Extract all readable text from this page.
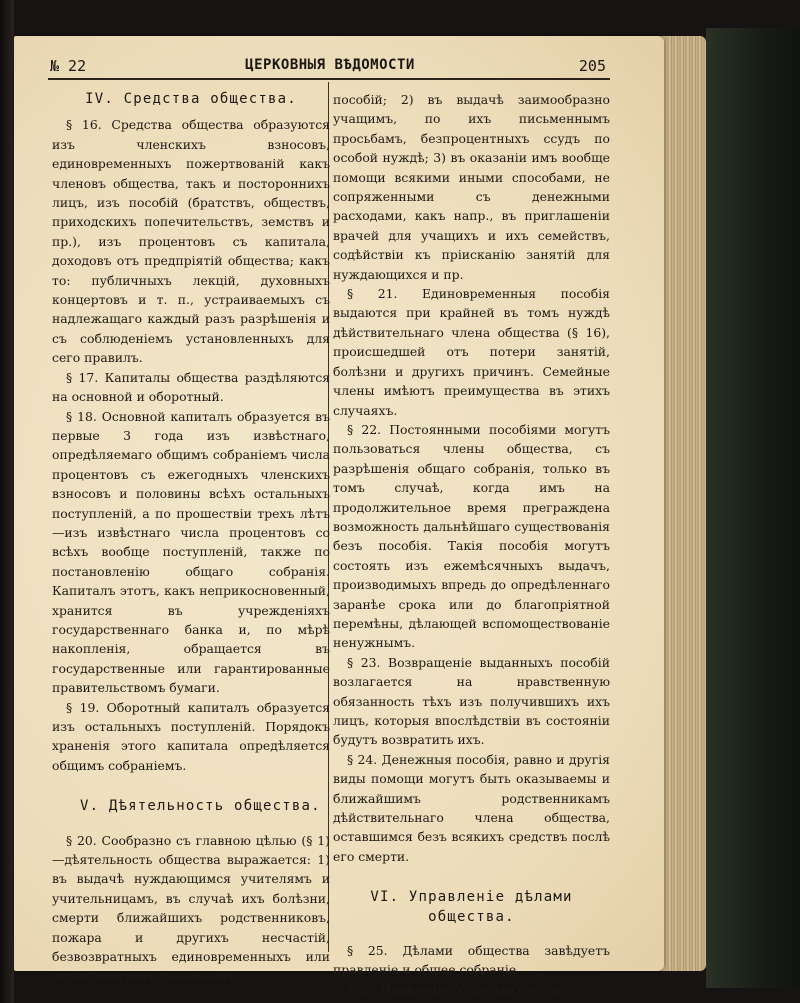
№ 22	ЦЕРКОВНЫЯ ВѢДОМОСТИ	205
IV. Средства общества.

§ 16. Средства общества образуются изъ членскихъ взносовъ, единовременныхъ пожертвованій какъ членовъ общества, такъ и постороннихъ лицъ, изъ пособій (братствъ, обществъ, приходскихъ попечительствъ, земствъ и пр.), изъ процентовъ съ капитала, доходовъ отъ предпріятій общества; какъ то: публичныхъ лекцій, духовныхъ концертовъ и т. п., устраиваемыхъ съ надлежащаго каждый разъ разрѣшенія и съ соблюденіемъ установленныхъ для сего правилъ.

§ 17. Капиталы общества раздѣляются на основной и оборотный.

§ 18. Основной капиталъ образуется въ первые 3 года изъ извѣстнаго, опредѣляемаго общимъ собраніемъ числа процентовъ съ ежегодныхъ членскихъ взносовъ и половины всѣхъ остальныхъ поступленій, а по прошествіи трехъ лѣтъ—изъ извѣстнаго числа процентовъ со всѣхъ вообще поступленій, также по постановленію общаго собранія. Капиталъ этотъ, какъ неприкосновенный, хранится въ учрежденіяхъ государственнаго банка и, по мѣрѣ накопленія, обращается въ государственные или гарантированные правительствомъ бумаги.

§ 19. Оборотный капиталъ образуется изъ остальныхъ поступленій. Порядокъ храненія этого капитала опредѣляется общимъ собраніемъ.

V. Дѣятельность общества.

§ 20. Сообразно съ главною цѣлью (§ 1)—дѣятельность общества выражается: 1) въ выдачѣ нуждающимся учителямъ и учительницамъ, въ случаѣ ихъ болѣзни, смерти ближайшихъ родственниковъ, пожара и другихъ несчастій, безвозвратныхъ единовременныхъ или періодическихъ денежныхъ

пособій; 2) въ выдачѣ заимообразно учащимъ, по ихъ письменнымъ просьбамъ, безпроцентныхъ ссудъ по особой нуждѣ; 3) въ оказаніи имъ вообще помощи всякими иными способами, не сопряженными съ денежными расходами, какъ напр., въ приглашеніи врачей для учащихъ и ихъ семействъ, содѣйствіи къ пріисканію занятій для нуждающихся и пр.

§ 21. Единовременныя пособія выдаются при крайней въ томъ нуждѣ дѣйствительнаго члена общества (§ 16), происшедшей отъ потери занятій, болѣзни и другихъ причинъ. Семейные члены имѣютъ преимущества въ этихъ случаяхъ.

§ 22. Постоянными пособіями могутъ пользоваться члены общества, съ разрѣшенія общаго собранія, только въ томъ случаѣ, когда имъ на продолжительное время преграждена возможность дальнѣйшаго существованія безъ пособія. Такія пособія могутъ состоять изъ ежемѣсячныхъ выдачъ, производимыхъ впредь до опредѣленнаго заранѣе срока или до благопріятной перемѣны, дѣлающей вспомоществованіе ненужнымъ.

§ 23. Возвращеніе выданныхъ пособій возлагается на нравственную обязанность тѣхъ изъ получившихъ ихъ лицъ, которыя впослѣдствіи въ состояніи будутъ возвратить ихъ.

§ 24. Денежныя пособія, равно и другія виды помощи могутъ быть оказываемы и ближайшимъ родственникамъ дѣйствительнаго члена общества, оставшимся безъ всякихъ средствъ послѣ его смерти.

VI. Управленіе дѣлами общества.

§ 25. Дѣлами общества завѣдуетъ правленіе и общее собраніе.

§ 26. Правленіе общества состоитъ
